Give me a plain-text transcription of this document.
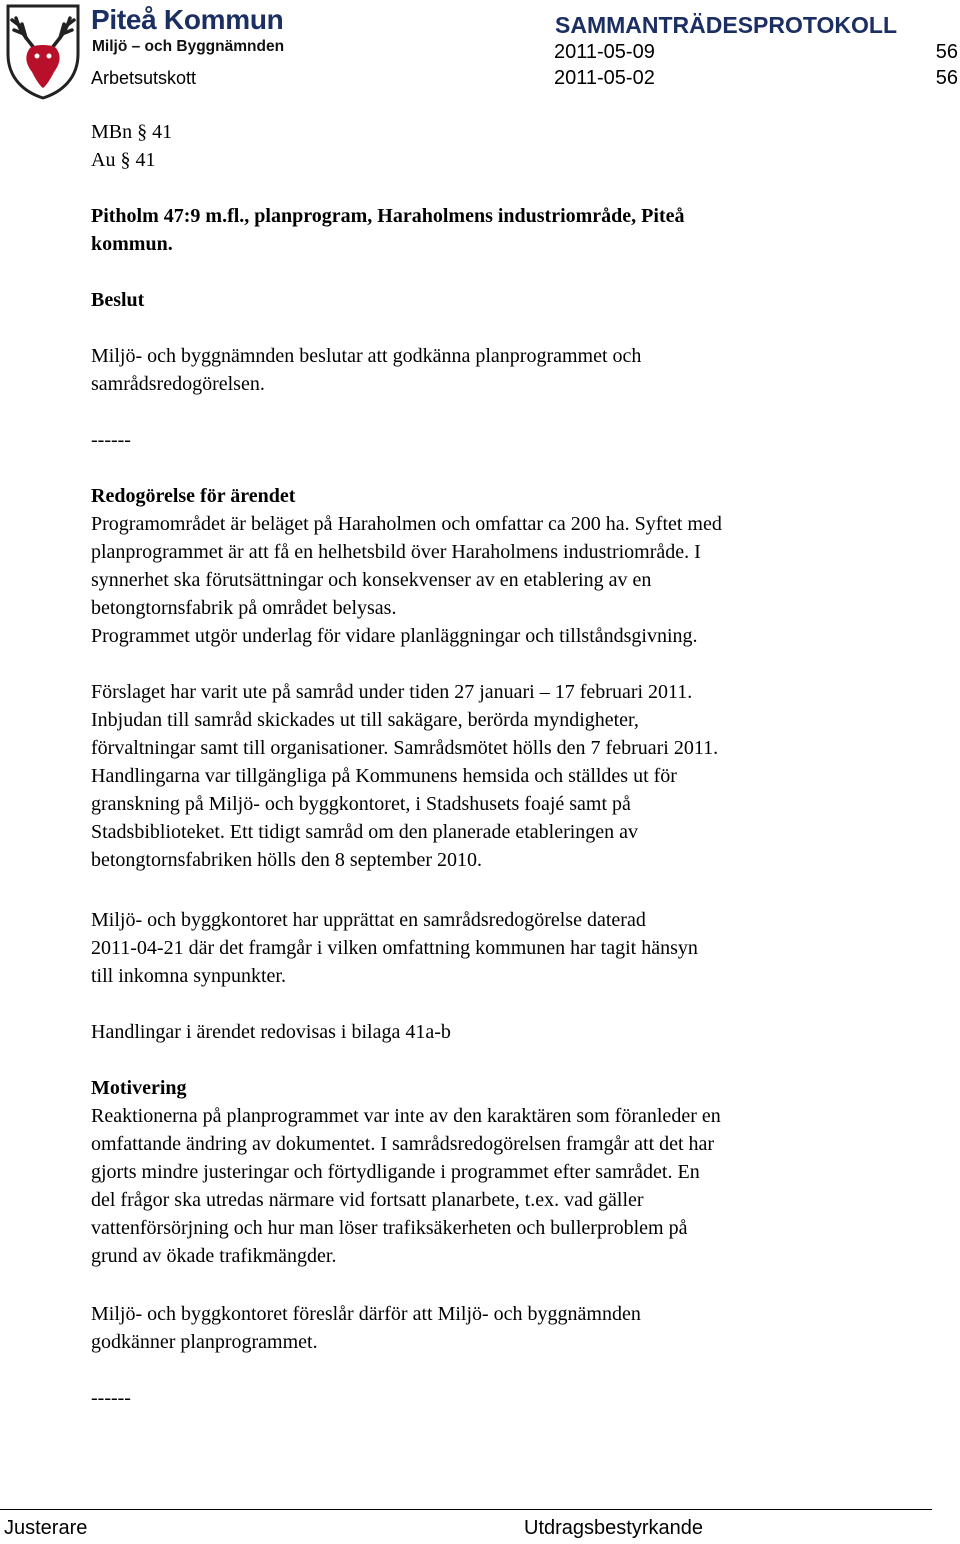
Piteå Kommun
Miljö – och Byggnämnden
Arbetsutskott
SAMMANTRÄDESPROTOKOLL
2011-05-09
2011-05-02
56
56
MBn § 41
Au § 41
Pitholm 47:9 m.fl., planprogram, Haraholmens industriområde, Piteå
kommun.
Beslut
Miljö- och byggnämnden beslutar att godkänna planprogrammet och
samrådsredogörelsen.
------
Redogörelse för ärendet
Programområdet är beläget på Haraholmen och omfattar ca 200 ha. Syftet med
planprogrammet är att få en helhetsbild över Haraholmens industriområde. I
synnerhet ska förutsättningar och konsekvenser av en etablering av en
betongtornsfabrik på området belysas.
Programmet utgör underlag för vidare planläggningar och tillståndsgivning.
Förslaget har varit ute på samråd under tiden 27 januari – 17 februari 2011.
Inbjudan till samråd skickades ut till sakägare, berörda myndigheter,
förvaltningar samt till organisationer. Samrådsmötet hölls den 7 februari 2011.
Handlingarna var tillgängliga på Kommunens hemsida och ställdes ut för
granskning på Miljö- och byggkontoret, i Stadshusets foajé samt på
Stadsbiblioteket. Ett tidigt samråd om den planerade etableringen av
betongtornsfabriken hölls den 8 september 2010.
Miljö- och byggkontoret har upprättat en samrådsredogörelse daterad
2011-04-21 där det framgår i vilken omfattning kommunen har tagit hänsyn
till inkomna synpunkter.
Handlingar i ärendet redovisas i bilaga 41a-b
Motivering
Reaktionerna på planprogrammet var inte av den karaktären som föranleder en
omfattande ändring av dokumentet. I samrådsredogörelsen framgår att det har
gjorts mindre justeringar och förtydligande i programmet efter samrådet. En
del frågor ska utredas närmare vid fortsatt planarbete, t.ex. vad gäller
vattenförsörjning och hur man löser trafiksäkerheten och bullerproblem på
grund av ökade trafikmängder.
Miljö- och byggkontoret föreslår därför att Miljö- och byggnämnden
godkänner planprogrammet.
------
Justerare	Utdragsbestyrkande
